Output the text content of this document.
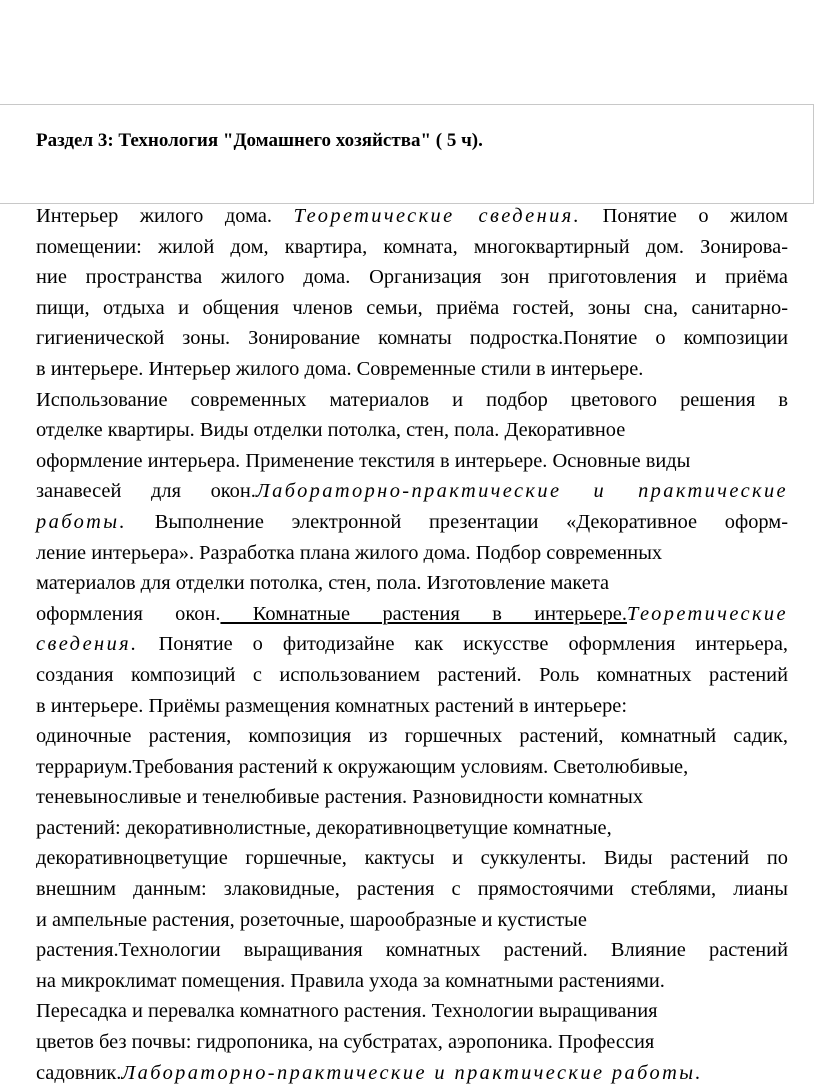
Раздел 3: Технология "Домашнего хозяйства" ( 5 ч).
Интерьер жилого дома. Теоретические сведения. Понятие о жилом
помещении: жилой дом, квартира, комната, многоквартирный дом. Зонирова-
ние пространства жилого дома. Организация зон приготовления и приёма
пищи, отдыха и общения членов семьи, приёма гостей, зоны сна, санитарно-
гигиенической зоны. Зонирование комнаты подростка.Понятие о композиции
в интерьере. Интерьер жилого дома. Современные стили в интерьере.
Использование современных материалов и подбор цветового решения в
отделке квартиры. Виды отделки потолка, стен, пола. Декоративное
оформление интерьера. Применение текстиля в интерьере. Основные виды
занавесей для окон.Лабораторно-практические и практические
работы. Выполнение электронной презентации «Декоративное оформ-
ление интерьера». Разработка плана жилого дома. Подбор современных
материалов для отделки потолка, стен, пола. Изготовление макета
оформления окон. Комнатные растения в интерьере.Теоретические
сведения. Понятие о фитодизайне как искусстве оформления интерьера,
создания композиций с использованием растений. Роль комнатных растений
в интерьере. Приёмы размещения комнатных растений в интерьере:
одиночные растения, композиция из горшечных растений, комнатный садик,
террариум.Требования растений к окружающим условиям. Светолюбивые,
теневыносливые и тенелюбивые растения. Разновидности комнатных
растений: декоративнолистные, декоративноцветущие комнатные,
декоративноцветущие горшечные, кактусы и суккуленты. Виды растений по
внешним данным: злаковидные, растения с прямостоячими стеблями, лианы
и ампельные растения, розеточные, шарообразные и кустистые
растения.Технологии выращивания комнатных растений. Влияние растений
на микроклимат помещения. Правила ухода за комнатными растениями.
Пересадка и перевалка комнатного растения. Технологии выращивания
цветов без почвы: гидропоника, на субстратах, аэропоника. Профессия
садовник.Лабораторно-практические и практические работы.
